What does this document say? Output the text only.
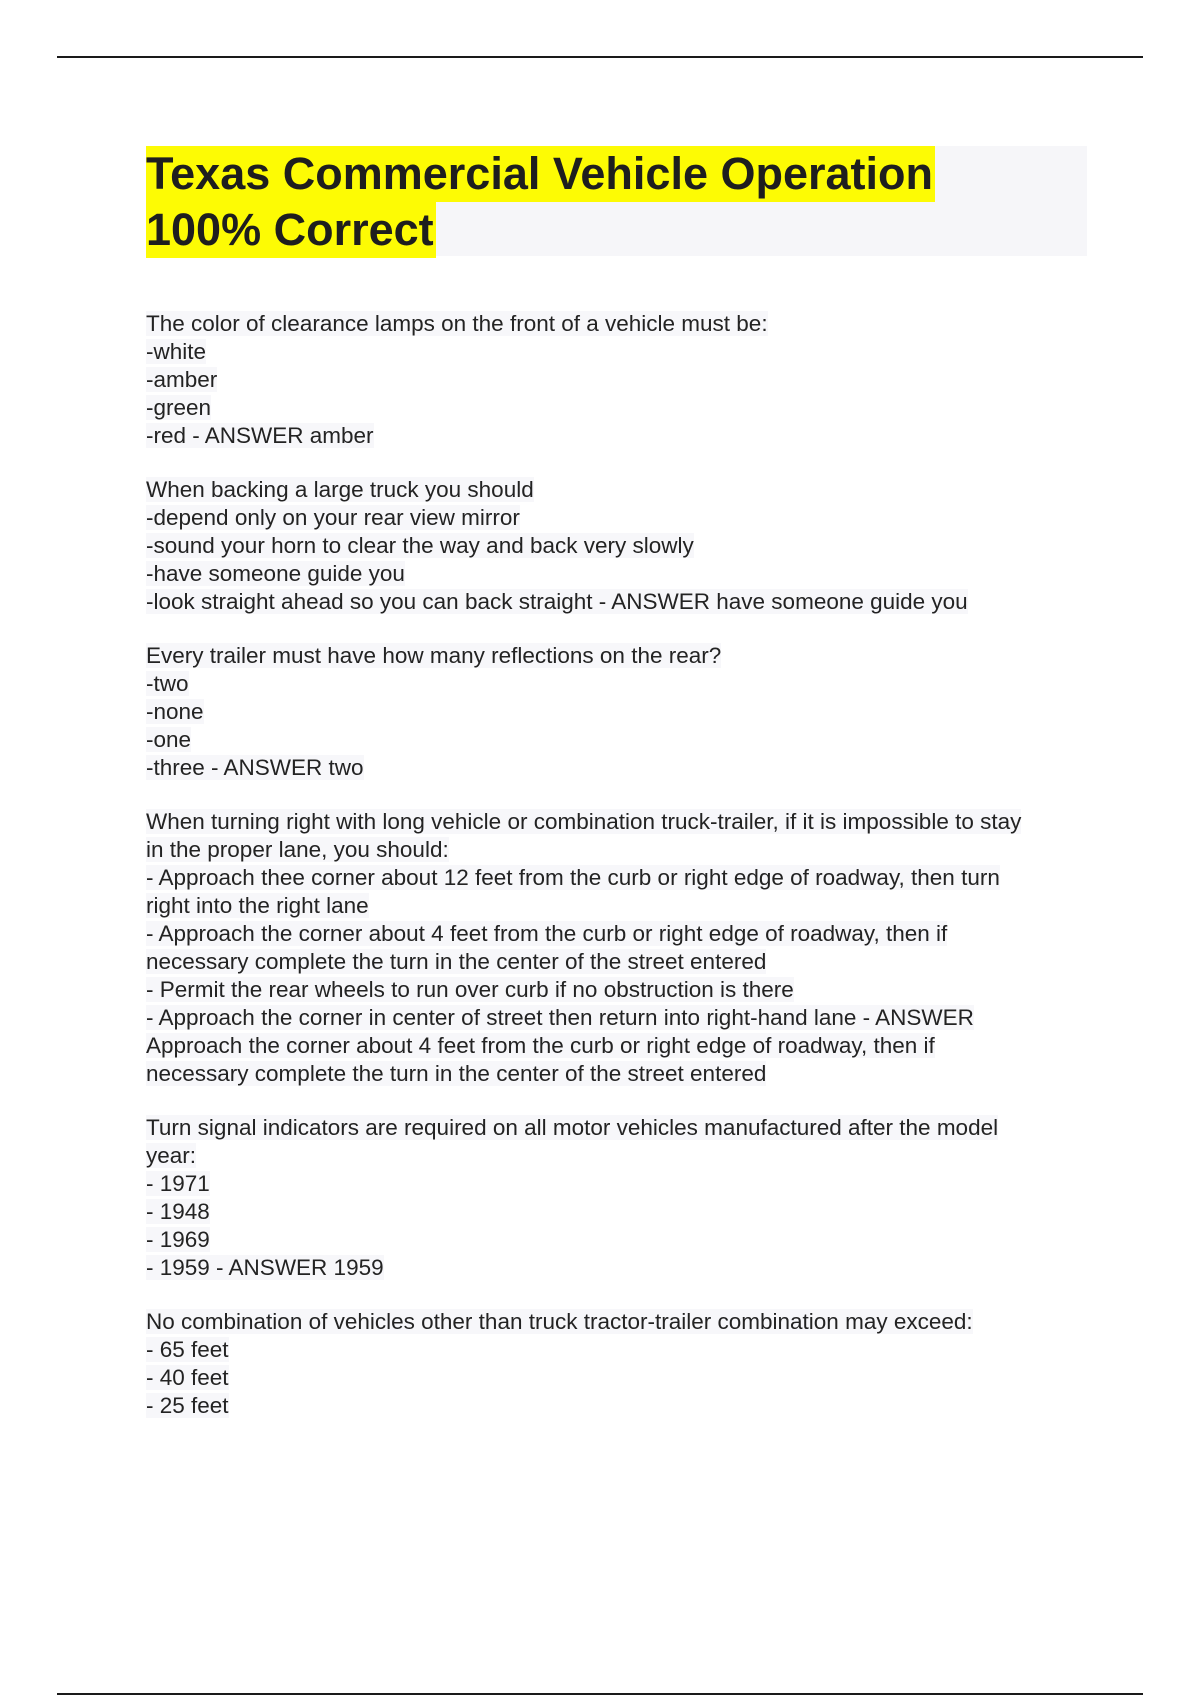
Texas Commercial Vehicle Operation
100% Correct
The color of clearance lamps on the front of a vehicle must be:
-white
-amber
-green
-red - ANSWER amber
When backing a large truck you should
-depend only on your rear view mirror
-sound your horn to clear the way and back very slowly
-have someone guide you
-look straight ahead so you can back straight - ANSWER have someone guide you
Every trailer must have how many reflections on the rear?
-two
-none
-one
-three - ANSWER two
When turning right with long vehicle or combination truck-trailer, if it is impossible to stay
in the proper lane, you should:
- Approach thee corner about 12 feet from the curb or right edge of roadway, then turn
right into the right lane
- Approach the corner about 4 feet from the curb or right edge of roadway, then if
necessary complete the turn in the center of the street entered
- Permit the rear wheels to run over curb if no obstruction is there
- Approach the corner in center of street then return into right-hand lane - ANSWER
Approach the corner about 4 feet from the curb or right edge of roadway, then if
necessary complete the turn in the center of the street entered
Turn signal indicators are required on all motor vehicles manufactured after the model
year:
- 1971
- 1948
- 1969
- 1959 - ANSWER 1959
No combination of vehicles other than truck tractor-trailer combination may exceed:
- 65 feet
- 40 feet
- 25 feet
